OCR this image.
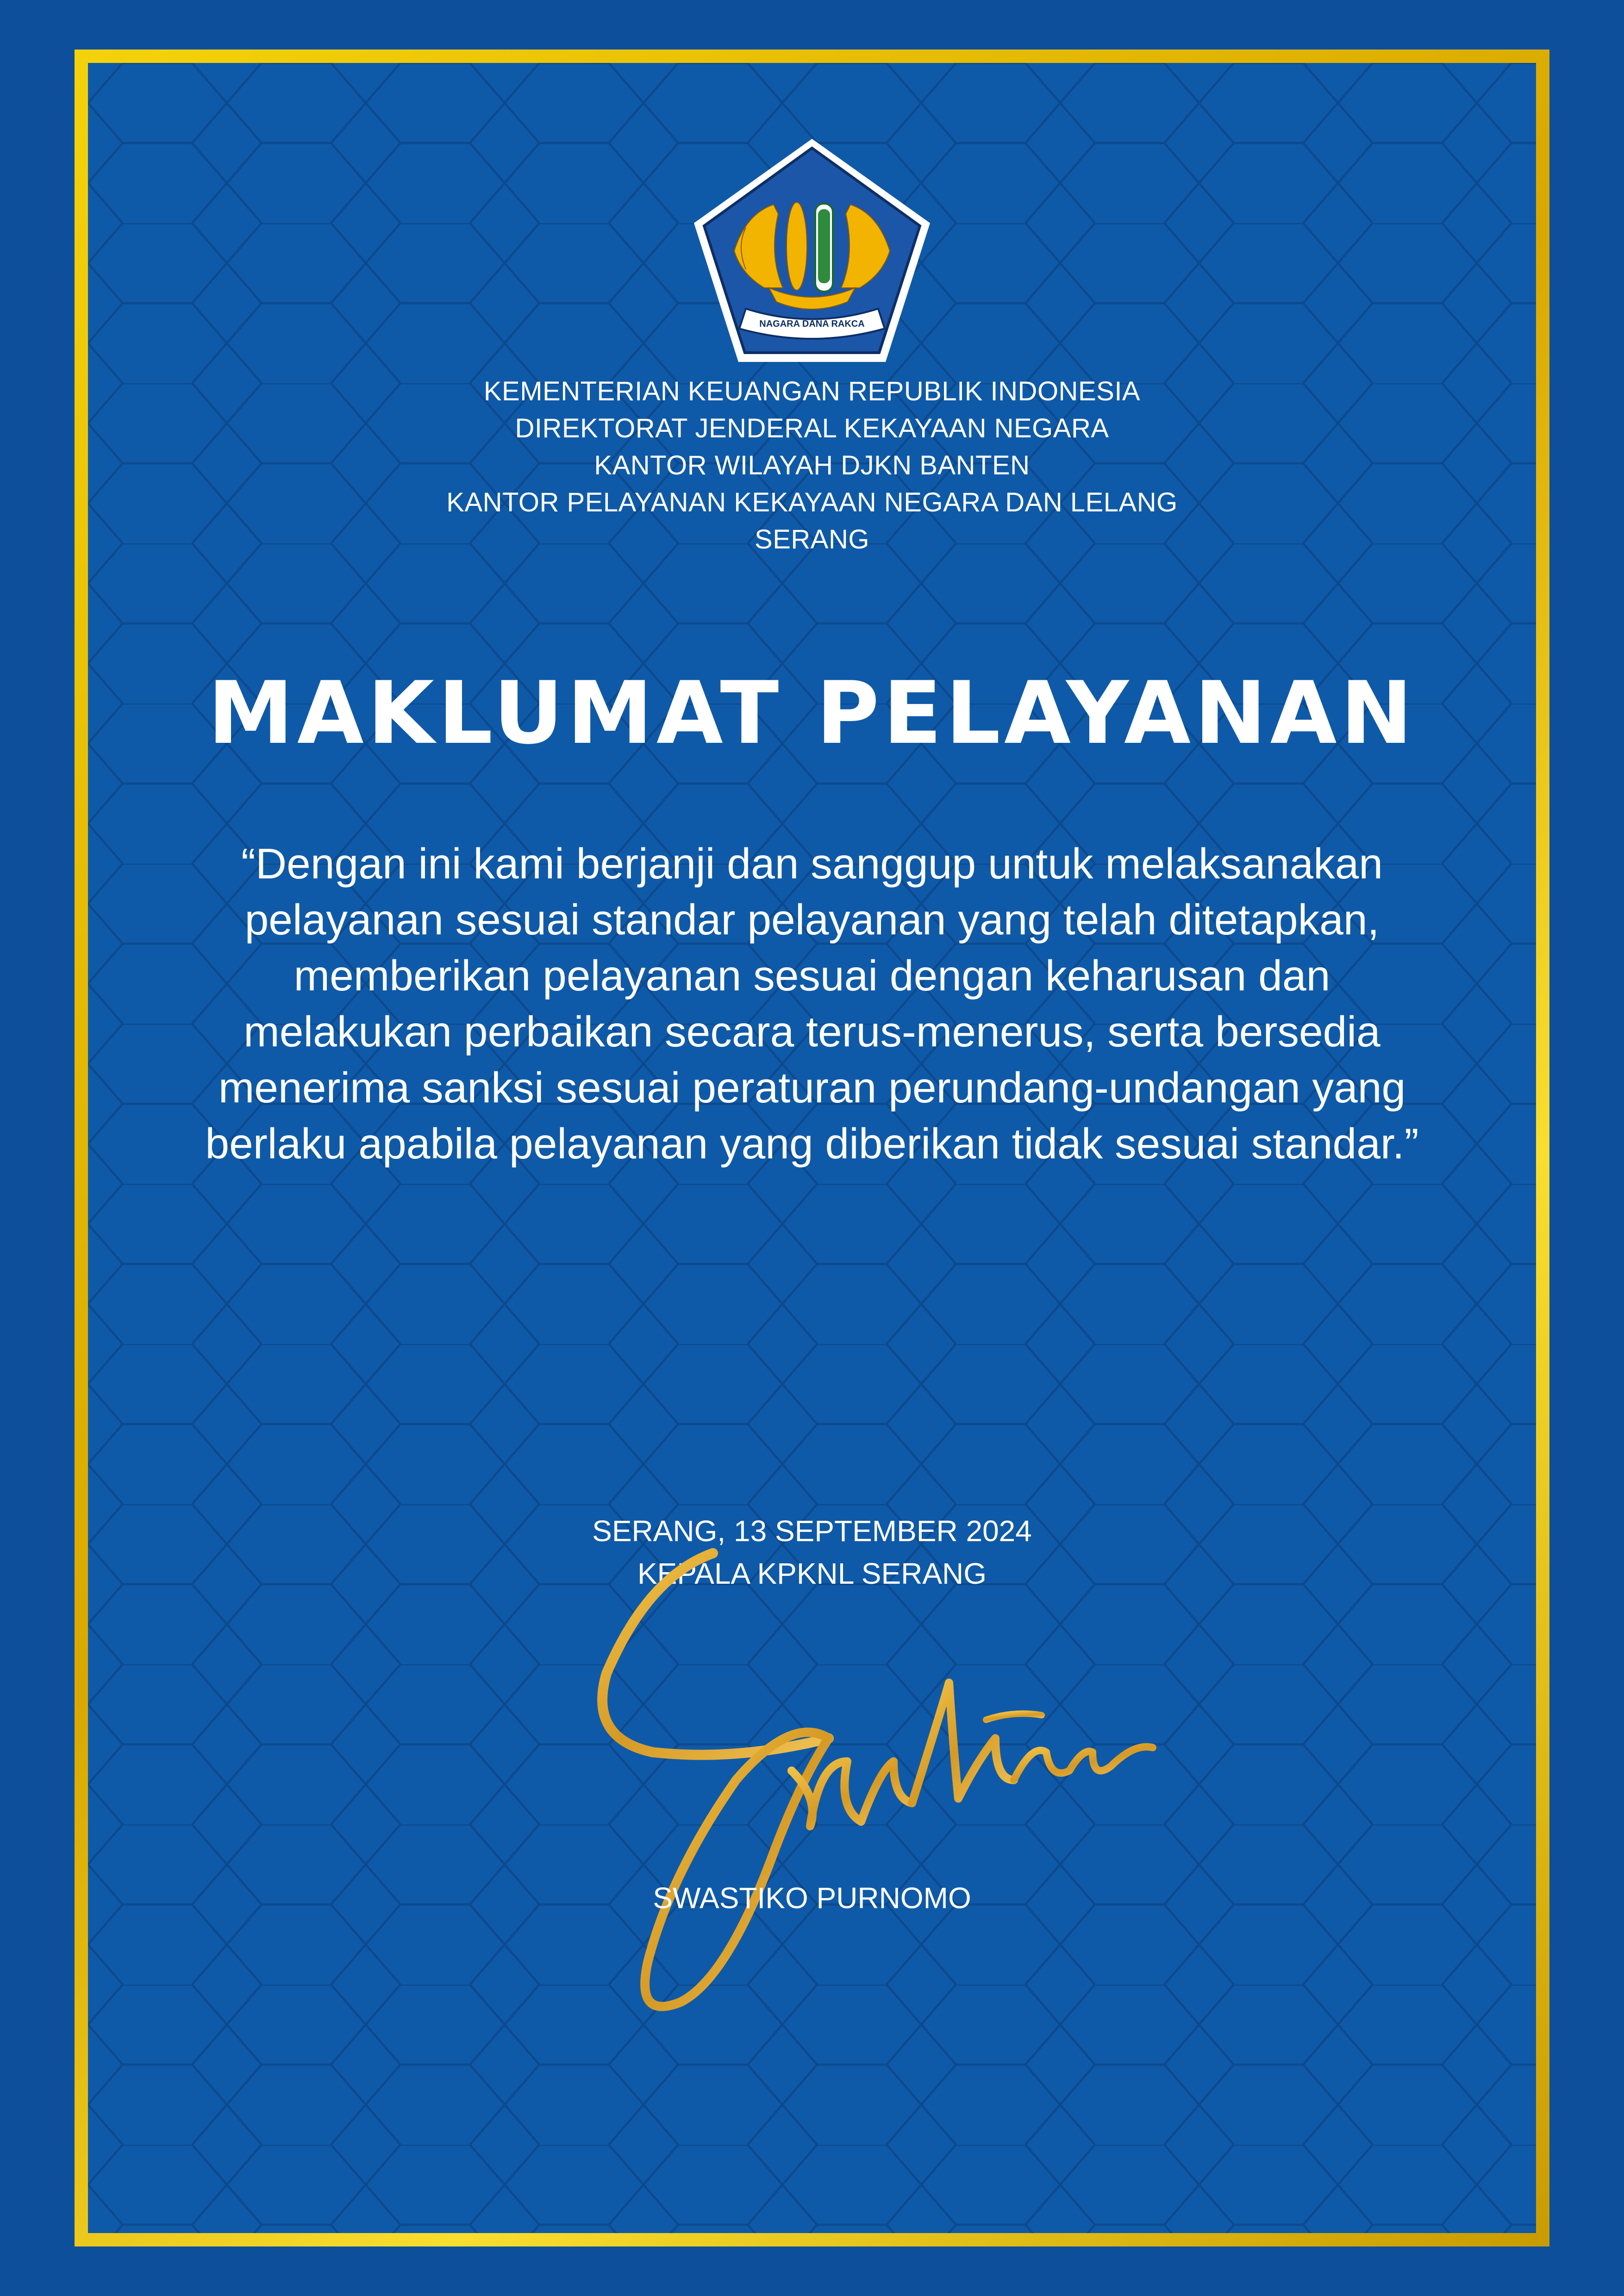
NAGARA DANA RAKCA
KEMENTERIAN KEUANGAN REPUBLIK INDONESIA
DIREKTORAT JENDERAL KEKAYAAN NEGARA
KANTOR WILAYAH DJKN BANTEN
KANTOR PELAYANAN KEKAYAAN NEGARA DAN LELANG
SERANG
MAKLUMAT PELAYANAN
“Dengan ini kami berjanji dan sanggup untuk melaksanakan
pelayanan sesuai standar pelayanan yang telah ditetapkan,
memberikan pelayanan sesuai dengan keharusan dan
melakukan perbaikan secara terus-menerus, serta bersedia
menerima sanksi sesuai peraturan perundang-undangan yang
berlaku apabila pelayanan yang diberikan tidak sesuai standar.”
SERANG, 13 SEPTEMBER 2024
KEPALA KPKNL SERANG
SWASTIKO PURNOMO
